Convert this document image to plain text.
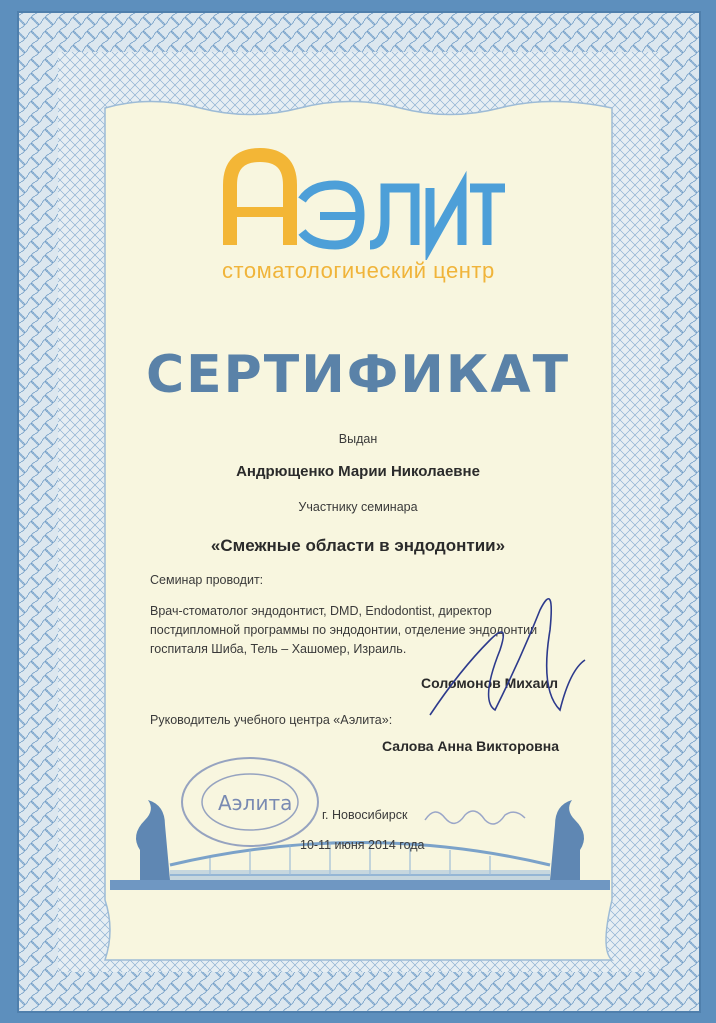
стоматологический центр
СЕРТИФИКАТ
Выдан
Андрющенко Марии Николаевне
Участнику семинара
«Смежные области в эндодонтии»
Семинар проводит:
Врач-стоматолог эндодонтист, DMD, Endodontist, директор
постдипломной программы по эндодонтии, отделение эндодонтии
госпиталя Шиба, Тель – Хашомер, Израиль.
Соломонов Михаил
Руководитель учебного центра «Аэлита»:
Салова Анна Викторовна
г. Новосибирск
10-11 июня 2014 года
Аэлита
